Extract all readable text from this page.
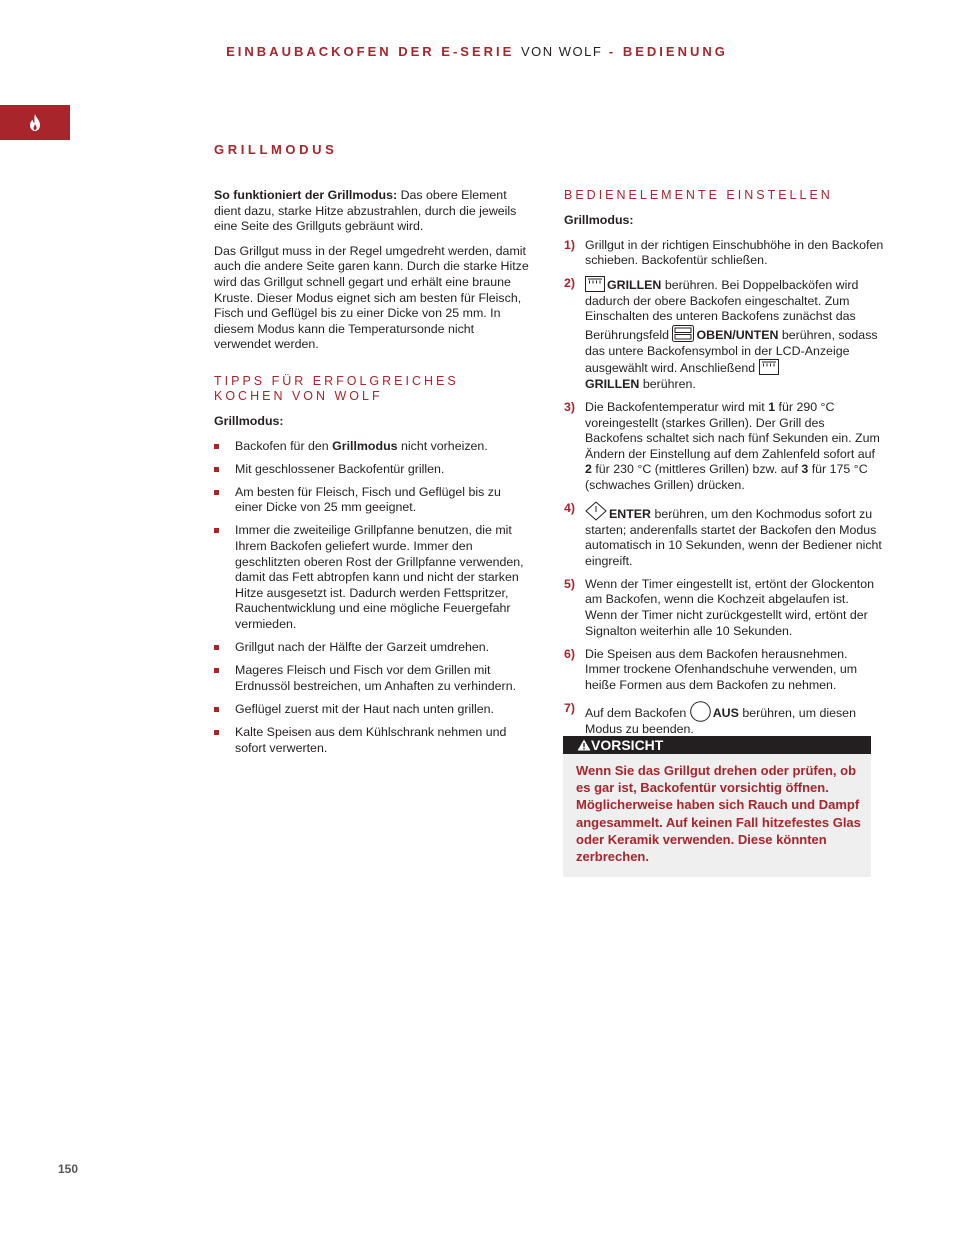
EINBAUBACKOFEN DER E-SERIE VON WOLF - BEDIENUNG
GRILLMODUS

So funktioniert der Grillmodus: Das obere Element dient dazu, starke Hitze abzustrahlen, durch die jeweils eine Seite des Grillguts gebräunt wird.

Das Grillgut muss in der Regel umgedreht werden, damit auch die andere Seite garen kann. Durch die starke Hitze wird das Grillgut schnell gegart und erhält eine braune Kruste. Dieser Modus eignet sich am besten für Fleisch, Fisch und Geflügel bis zu einer Dicke von 25 mm. In diesem Modus kann die Temperatursonde nicht verwendet werden.

TIPPS FÜR ERFOLGREICHES KOCHEN VON WOLF
Grillmodus:
Backofen für den Grillmodus nicht vorheizen.
Mit geschlossener Backofentür grillen.
Am besten für Fleisch, Fisch und Geflügel bis zu einer Dicke von 25 mm geeignet.
Immer die zweiteilige Grillpfanne benutzen, die mit Ihrem Backofen geliefert wurde. Immer den geschlitzten oberen Rost der Grillpfanne verwenden, damit das Fett abtropfen kann und nicht der starken Hitze ausgesetzt ist. Dadurch werden Fettspritzer, Rauchentwicklung und eine mögliche Feuergefahr vermieden.
Grillgut nach der Hälfte der Garzeit umdrehen.
Mageres Fleisch und Fisch vor dem Grillen mit Erdnussöl bestreichen, um Anhaften zu verhindern.
Geflügel zuerst mit der Haut nach unten grillen.
Kalte Speisen aus dem Kühlschrank nehmen und sofort verwerten.
BEDIENELEMENTE EINSTELLEN
Grillmodus:
1) Grillgut in der richtigen Einschubhöhe in den Backofen schieben. Backofentür schließen.
2)	GRILLEN berühren. Bei Doppelbacköfen wird dadurch der obere Backofen eingeschaltet. Zum Einschalten des unteren Backofens zunächst das Berührungsfeld OBEN/UNTEN berühren, sodass das untere Backofensymbol in der LCD-Anzeige ausgewählt wird. Anschließend
GRILLEN berühren.
3) Die Backofentemperatur wird mit 1 für 290 °C voreingestellt (starkes Grillen). Der Grill des Backofens schaltet sich nach fünf Sekunden ein. Zum Ändern der Einstellung auf dem Zahlenfeld sofort auf 2 für 230 °C (mittleres Grillen) bzw. auf 3 für 175 °C (schwaches Grillen) drücken.
4)	ENTER berühren, um den Kochmodus sofort zu starten; anderenfalls startet der Backofen den Modus automatisch in 10 Sekunden, wenn der Bediener nicht eingreift.
5) Wenn der Timer eingestellt ist, ertönt der Glockenton am Backofen, wenn die Kochzeit abgelaufen ist. Wenn der Timer nicht zurückgestellt wird, ertönt der Signalton weiterhin alle 10 Sekunden.
6) Die Speisen aus dem Backofen herausnehmen. Immer trockene Ofenhandschuhe verwenden, um heiße Formen aus dem Backofen zu nehmen.
7) Auf dem Backofen AUS berühren, um diesen Modus zu beenden.
VORSICHT
Wenn Sie das Grillgut drehen oder prüfen, ob es gar ist, Backofentür vorsichtig öffnen. Möglicherweise haben sich Rauch und Dampf angesammelt. Auf keinen Fall hitzefestes Glas oder Keramik verwenden. Diese könnten zerbrechen.
150
